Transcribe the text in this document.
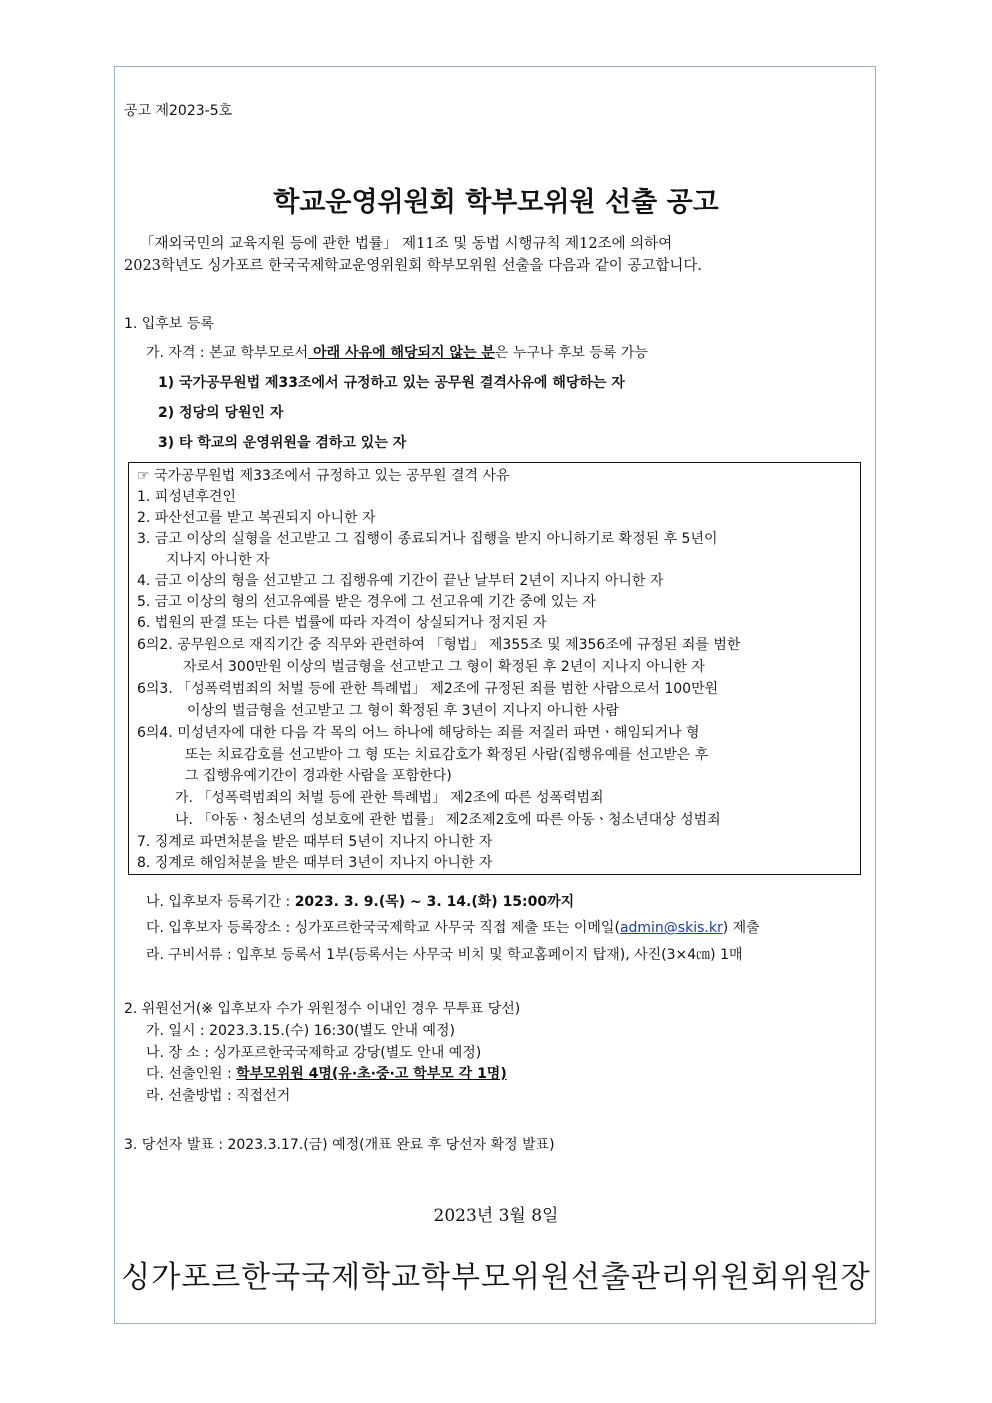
공고 제2023-5호
학교운영위원회 학부모위원 선출 공고
「재외국민의 교육지원 등에 관한 법률」 제11조 및 동법 시행규칙 제12조에 의하여
2023학년도 싱가포르 한국국제학교운영위원회 학부모위원 선출을 다음과 같이 공고합니다.
1. 입후보 등록
가. 자격 : 본교 학부모로서 아래 사유에 해당되지 않는 분은 누구나 후보 등록 가능
1) 국가공무원법 제33조에서 규정하고 있는 공무원 결격사유에 해당하는 자
2) 정당의 당원인 자
3) 타 학교의 운영위원을 겸하고 있는 자
☞ 국가공무원법 제33조에서 규정하고 있는 공무원 결격 사유
1. 피성년후견인
2. 파산선고를 받고 복권되지 아니한 자
3. 금고 이상의 실형을 선고받고 그 집행이 종료되거나 집행을 받지 아니하기로 확정된 후 5년이
지나지 아니한 자
4. 금고 이상의 형을 선고받고 그 집행유예 기간이 끝난 날부터 2년이 지나지 아니한 자
5. 금고 이상의 형의 선고유예를 받은 경우에 그 선고유예 기간 중에 있는 자
6. 법원의 판결 또는 다른 법률에 따라 자격이 상실되거나 정지된 자
6의2. 공무원으로 재직기간 중 직무와 관련하여 「형법」 제355조 및 제356조에 규정된 죄를 범한
자로서 300만원 이상의 벌금형을 선고받고 그 형이 확정된 후 2년이 지나지 아니한 자
6의3. 「성폭력범죄의 처벌 등에 관한 특례법」 제2조에 규정된 죄를 범한 사람으로서 100만원
이상의 벌금형을 선고받고 그 형이 확정된 후 3년이 지나지 아니한 사람
6의4. 미성년자에 대한 다음 각 목의 어느 하나에 해당하는 죄를 저질러 파면ㆍ해임되거나 형
또는 치료감호를 선고받아 그 형 또는 치료감호가 확정된 사람(집행유예를 선고받은 후
그 집행유예기간이 경과한 사람을 포함한다)
가. 「성폭력범죄의 처벌 등에 관한 특례법」 제2조에 따른 성폭력범죄
나. 「아동ㆍ청소년의 성보호에 관한 법률」 제2조제2호에 따른 아동ㆍ청소년대상 성범죄
7. 징계로 파면처분을 받은 때부터 5년이 지나지 아니한 자
8. 징계로 해임처분을 받은 때부터 3년이 지나지 아니한 자
나. 입후보자 등록기간 : 2023. 3. 9.(목) ~ 3. 14.(화) 15:00까지
다. 입후보자 등록장소 : 싱가포르한국국제학교 사무국 직접 제출 또는 이메일(admin@skis.kr) 제출
라. 구비서류 : 입후보 등록서 1부(등록서는 사무국 비치 및 학교홈페이지 탑재), 사진(3×4㎝) 1매
2. 위원선거(※ 입후보자 수가 위원정수 이내인 경우 무투표 당선)
가. 일시 : 2023.3.15.(수) 16:30(별도 안내 예정)
나. 장 소 : 싱가포르한국국제학교 강당(별도 안내 예정)
다. 선출인원 : 학부모위원 4명(유·초·중·고 학부모 각 1명)
라. 선출방법 : 직접선거
3. 당선자 발표 : 2023.3.17.(금) 예정(개표 완료 후 당선자 확정 발표)
2023년 3월 8일
싱가포르한국국제학교학부모위원선출관리위원회위원장
